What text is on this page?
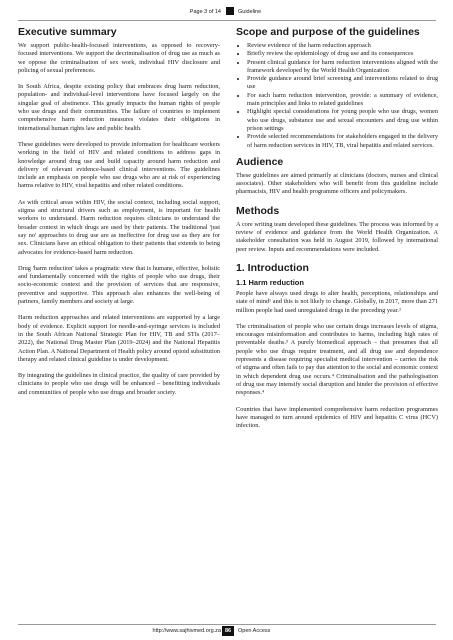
Page 3 of 14	Guideline
Executive summary

We support public-health-focused interventions, as opposed to recovery-focused interventions. We support the decriminalisation of drug use as much as we oppose the criminalisation of sex work, individual HIV disclosure and policing of sexual preferences.

In South Africa, despite existing policy that embraces drug harm reduction, population- and individual-level interventions have focused largely on the singular goal of abstinence. This greatly impacts the human rights of people who use drugs and their communities. The failure of countries to implement comprehensive harm reduction measures violates their obligations in international human rights law and public health.

These guidelines were developed to provide information for healthcare workers working in the field of HIV and related conditions to address gaps in knowledge around drug use and build capacity around harm reduction and delivery of relevant evidence-based clinical interventions. The guidelines include an emphasis on people who use drugs who are at risk of experiencing harms relative to HIV, viral hepatitis and other related conditions.

As with critical areas within HIV, the social context, including social support, stigma and structural drivers such as employment, is important for health workers to understand. Harm reduction requires clinicians to understand the broader context in which drugs are used by their patients. The traditional 'just say no' approaches to drug use are as ineffective for drug use as they are for sex. Clinicians have an ethical obligation to their patients that extends to being advocates for evidence-based harm reduction.

Drug 'harm reduction' takes a pragmatic view that is humane, effective, holistic and fundamentally concerned with the rights of people who use drugs, their socio-economic context and the provision of services that are responsive, preventive and supportive. This approach also enhances the well-being of partners, family members and society at large.

Harm reduction approaches and related interventions are supported by a large body of evidence. Explicit support for needle-and-syringe services is included in the South African National Strategic Plan for HIV, TB and STIs (2017–2022), the National Drug Master Plan (2019–2024) and the National Hepatitis Action Plan. A National Department of Health policy around opioid substitution therapy and related clinical guideline is under development.

By integrating the guidelines in clinical practice, the quality of care provided by clinicians to people who use drugs will be enhanced – benefitting individuals and communities of people who use drugs and broader society.

Scope and purpose of the guidelines
• Review evidence of the harm reduction approach
• Briefly review the epidemiology of drug use and its consequences
• Present clinical guidance for harm reduction interventions aligned with the framework developed by the World Health Organization
• Provide guidance around brief screening and interventions related to drug use
• For each harm reduction intervention, provide: a summary of evidence, main principles and links to related guidelines
• Highlight special considerations for young people who use drugs, women who use drugs, substance use and sexual encounters and drug use within prison settings
• Provide selected recommendations for stakeholders engaged in the delivery of harm reduction services in HIV, TB, viral hepatitis and related services.
Audience

These guidelines are aimed primarily at clinicians (doctors, nurses and clinical associates). Other stakeholders who will benefit from this guideline include pharmacists, HIV and health programme officers and policymakers.

Methods

A core writing team developed these guidelines. The process was informed by a review of evidence and guidance from the World Health Organization. A stakeholder consultation was held in August 2019, followed by international peer review. Inputs and recommendations were included.

1. Introduction
1.1 Harm reduction

People have always used drugs to alter health, perceptions, relationships and state of mind¹ and this is not likely to change. Globally, in 2017, more than 271 million people had used unregulated drugs in the preceding year.²

The criminalisation of people who use certain drugs increases levels of stigma, encourages misinformation and contributes to harms, including high rates of preventable deaths.³ A purely biomedical approach – that presumes that all people who use drugs require treatment, and all drug use and dependence represents a disease requiring specialist medical intervention – carries the risk of stigma and often fails to pay due attention to the social and economic context in which dependent drug use occurs.⁴ Criminalisation and the pathologisation of drug use may intensify social disruption and hinder the provision of effective responses.⁴

Countries that have implemented comprehensive harm reduction programmes have managed to turn around epidemics of HIV and hepatitis C virus (HCV) infection.

http://www.sajhivmed.org.za 86	Open Access
